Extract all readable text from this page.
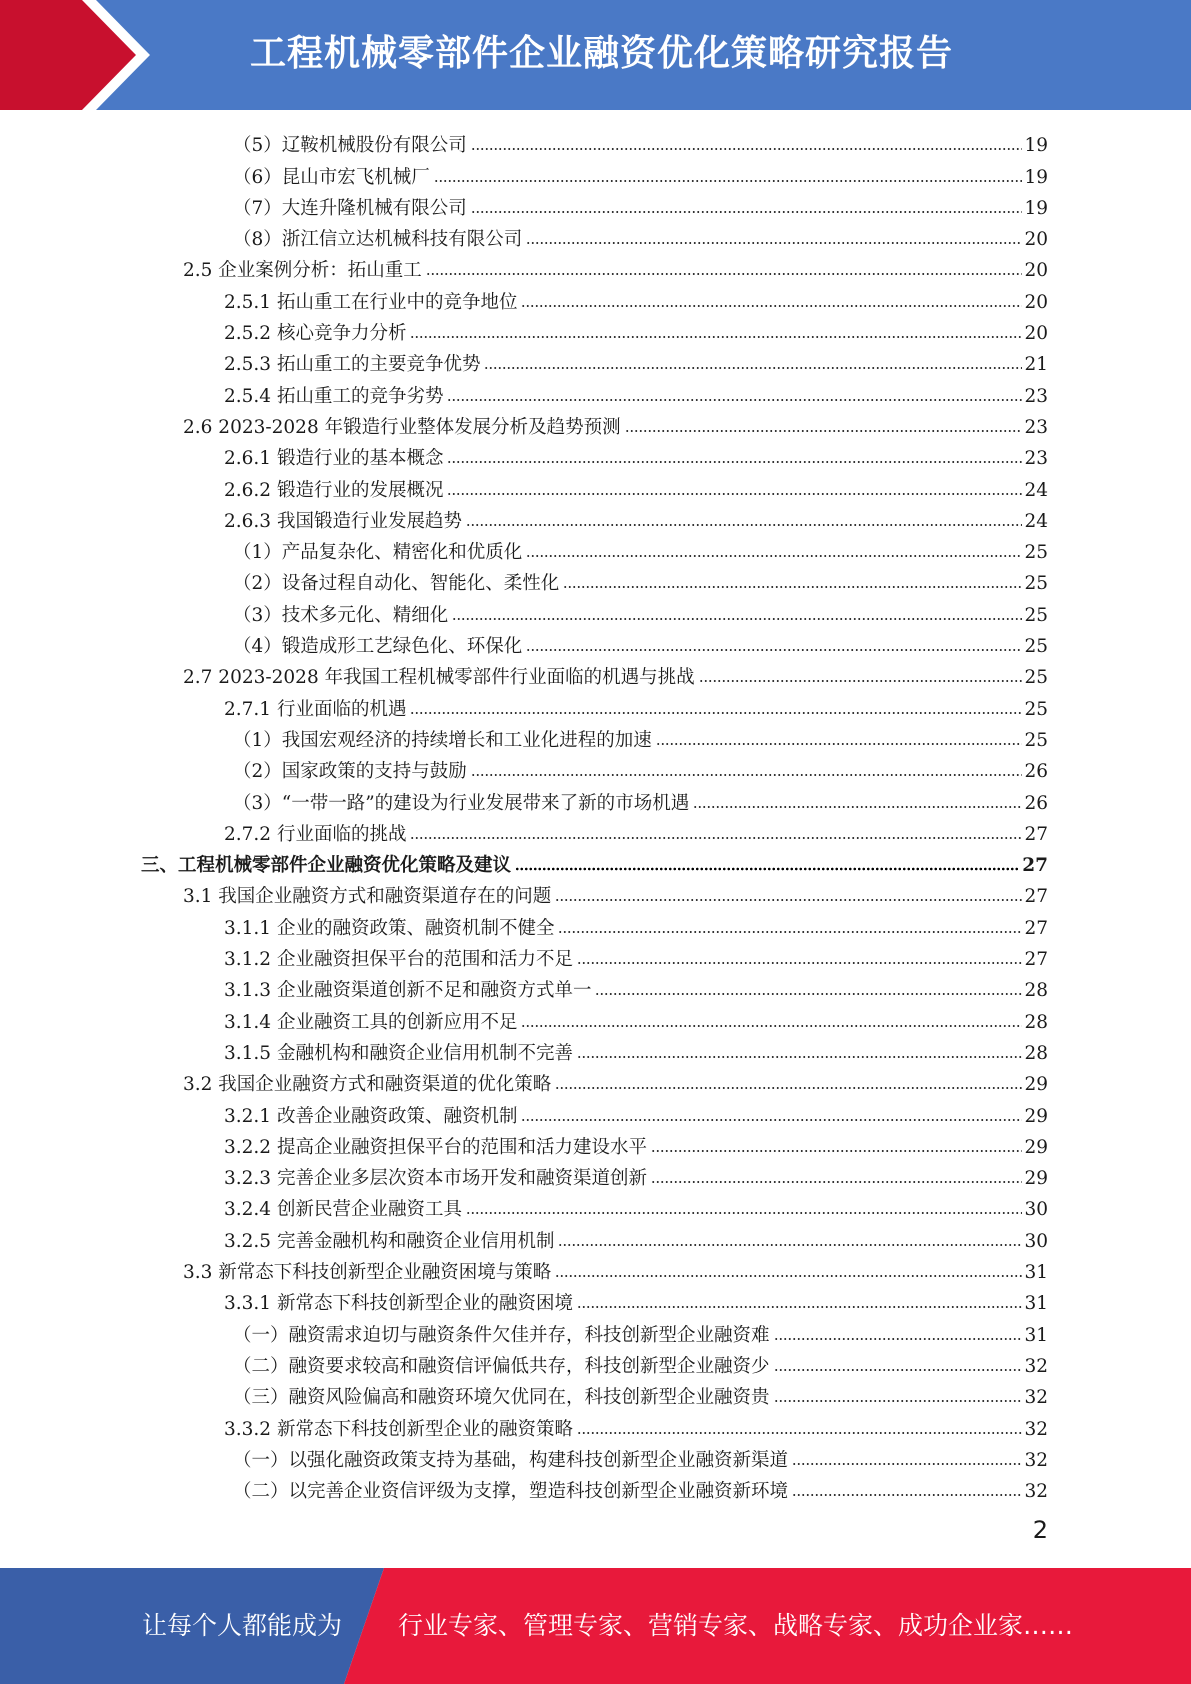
工程机械零部件企业融资优化策略研究报告
（5）辽鞍机械股份有限公司	19
（6）昆山市宏飞机械厂	19
（7）大连升隆机械有限公司	19
（8）浙江信立达机械科技有限公司	20
2.5 企业案例分析：拓山重工	20
2.5.1 拓山重工在行业中的竞争地位	20
2.5.2 核心竞争力分析	20
2.5.3 拓山重工的主要竞争优势	21
2.5.4 拓山重工的竞争劣势	23
2.6 2023-2028 年锻造行业整体发展分析及趋势预测	23
2.6.1 锻造行业的基本概念	23
2.6.2 锻造行业的发展概况	24
2.6.3 我国锻造行业发展趋势	24
（1）产品复杂化、精密化和优质化	25
（2）设备过程自动化、智能化、柔性化	25
（3）技术多元化、精细化	25
（4）锻造成形工艺绿色化、环保化	25
2.7 2023-2028 年我国工程机械零部件行业面临的机遇与挑战	25
2.7.1 行业面临的机遇	25
（1）我国宏观经济的持续增长和工业化进程的加速	25
（2）国家政策的支持与鼓励	26
（3）“一带一路”的建设为行业发展带来了新的市场机遇	26
2.7.2 行业面临的挑战	27
三、工程机械零部件企业融资优化策略及建议	27
3.1 我国企业融资方式和融资渠道存在的问题	27
3.1.1 企业的融资政策、融资机制不健全	27
3.1.2 企业融资担保平台的范围和活力不足	27
3.1.3 企业融资渠道创新不足和融资方式单一	28
3.1.4 企业融资工具的创新应用不足	28
3.1.5 金融机构和融资企业信用机制不完善	28
3.2 我国企业融资方式和融资渠道的优化策略	29
3.2.1 改善企业融资政策、融资机制	29
3.2.2 提高企业融资担保平台的范围和活力建设水平	29
3.2.3 完善企业多层次资本市场开发和融资渠道创新	29
3.2.4 创新民营企业融资工具	30
3.2.5 完善金融机构和融资企业信用机制	30
3.3 新常态下科技创新型企业融资困境与策略	31
3.3.1 新常态下科技创新型企业的融资困境	31
（一）融资需求迫切与融资条件欠佳并存，科技创新型企业融资难	31
（二）融资要求较高和融资信评偏低共存，科技创新型企业融资少	32
（三）融资风险偏高和融资环境欠优同在，科技创新型企业融资贵	32
3.3.2 新常态下科技创新型企业的融资策略	32
（一）以强化融资政策支持为基础，构建科技创新型企业融资新渠道	32
（二）以完善企业资信评级为支撑，塑造科技创新型企业融资新环境	32
2
让每个人都能成为 行业专家、管理专家、营销专家、战略专家、成功企业家……
